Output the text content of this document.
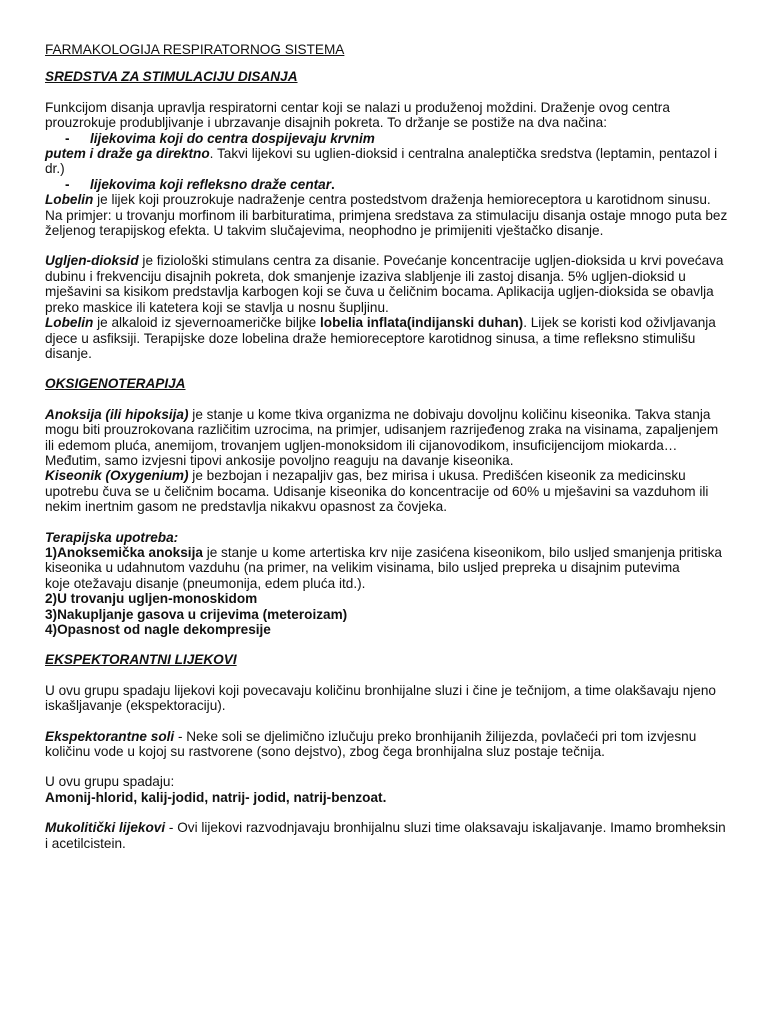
FARMAKOLOGIJA RESPIRATORNOG SISTEMA

SREDSTVA ZA STIMULACIJU DISANJA

Funkcijom disanja upravlja respiratorni centar koji se nalazi u produženoj moždini. Draženje ovog centra prouzrokuje produbljivanje i ubrzavanje disajnih pokreta. To držanje se postiže na dva načina:

- lijekovima koji do centra dospijevaju krvnim

putem i draže ga direktno. Takvi lijekovi su uglien-dioksid i centralna analeptička sredstva (leptamin, pentazol i dr.)

- lijekovima koji refleksno draže centar.

Lobelin je lijek koji prouzrokuje nadraženje centra postedstvom draženja hemioreceptora u karotidnom sinusu. Na primjer: u trovanju morfinom ili barbituratima, primjena sredstava za stimulaciju disanja ostaje mnogo puta bez željenog terapijskog efekta. U takvim slučajevima, neophodno je primijeniti vještačko disanje.

Ugljen-dioksid je fiziološki stimulans centra za disanie. Povećanje koncentracije ugljen-dioksida u krvi povećava dubinu i frekvenciju disajnih pokreta, dok smanjenje izaziva slabljenje ili zastoj disanja. 5% ugljen-dioksid u mješavini sa kisikom predstavlja karbogen koji se čuva u čeličnim bocama. Aplikacija ugljen-dioksida se obavlja preko maskice ili katetera koji se stavlja u nosnu šupljinu.

Lobelin je alkaloid iz sjevernoameričke biljke lobelia inflata(indijanski duhan). Lijek se koristi kod oživljavanja djece u asfiksiji. Terapijske doze lobelina draže hemioreceptore karotidnog sinusa, a time refleksno stimulišu disanje.

OKSIGENOTERAPIJA

Anoksija (ili hipoksija) je stanje u kome tkiva organizma ne dobivaju dovoljnu količinu kiseonika. Takva stanja mogu biti prouzrokovana različitim uzrocima, na primjer, udisanjem razrijeđenog zraka na visinama, zapaljenjem ili edemom pluća, anemijom, trovanjem ugljen-monoksidom ili cijanovodikom, insuficijencijom miokarda…

Međutim, samo izvjesni tipovi ankosije povoljno reaguju na davanje kiseonika.

Kiseonik (Oxygenium) je bezbojan i nezapaljiv gas, bez mirisa i ukusa. Predišćen kiseonik za medicinsku upotrebu čuva se u čeličnim bocama. Udisanje kiseonika do koncentracije od 60% u mješavini sa vazduhom ili nekim inertnim gasom ne predstavlja nikakvu opasnost za čovjeka.

Terapijska upotreba:

1)Anoksemička anoksija je stanje u kome artertiska krv nije zasićena kiseonikom, bilo usljed smanjenja pritiska kiseonika u udahnutom vazduhu (na primer, na velikim visinama, bilo usljed prepreka u disajnim putevima

koje otežavaju disanje (pneumonija, edem pluća itd.).

2)U trovanju ugljen-monoskidom

3)Nakupljanje gasova u crijevima (meteroizam)

4)Opasnost od nagle dekompresije

EKSPEKTORANTNI LIJEKOVI

U ovu grupu spadaju lijekovi koji povecavaju količinu bronhijalne sluzi i čine je tečnijom, a time olakšavaju njeno iskašljavanje (ekspektoraciju).

Ekspektorantne soli - Neke soli se djelimično izlučuju preko bronhijanih žilijezda, povlačeći pri tom izvjesnu količinu vode u kojoj su rastvorene (sono dejstvo), zbog čega bronhijalna sluz postaje tečnija.

U ovu grupu spadaju:

Amonij-hlorid, kalij-jodid, natrij- jodid, natrij-benzoat.

Mukolitički lijekovi - Ovi lijekovi razvodnjavaju bronhijalnu sluzi time olaksavaju iskaljavanje. Imamo bromheksin i acetilcistein.
